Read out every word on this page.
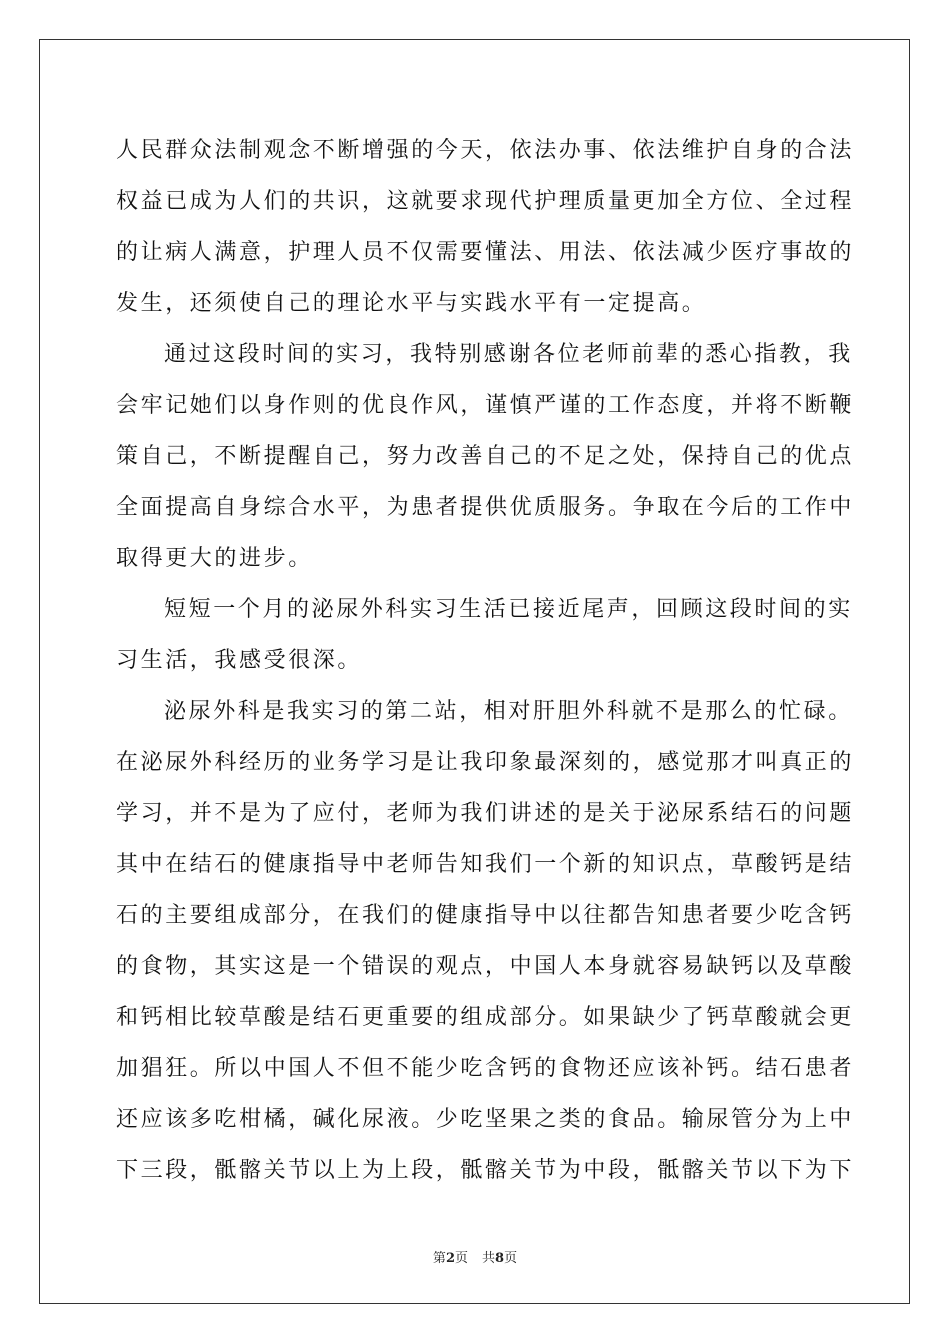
人民群众法制观念不断增强的今天，依法办事、依法维护自身的合法
权益已成为人们的共识，这就要求现代护理质量更加全方位、全过程
的让病人满意，护理人员不仅需要懂法、用法、依法减少医疗事故的
发生，还须使自己的理论水平与实践水平有一定提高。
通过这段时间的实习，我特别感谢各位老师前辈的悉心指教，我
会牢记她们以身作则的优良作风，谨慎严谨的工作态度，并将不断鞭
策自己，不断提醒自己，努力改善自己的不足之处，保持自己的优点
全面提高自身综合水平，为患者提供优质服务。争取在今后的工作中
取得更大的进步。
短短一个月的泌尿外科实习生活已接近尾声，回顾这段时间的实
习生活，我感受很深。
泌尿外科是我实习的第二站，相对肝胆外科就不是那么的忙碌。
在泌尿外科经历的业务学习是让我印象最深刻的，感觉那才叫真正的
学习，并不是为了应付，老师为我们讲述的是关于泌尿系结石的问题
其中在结石的健康指导中老师告知我们一个新的知识点，草酸钙是结
石的主要组成部分，在我们的健康指导中以往都告知患者要少吃含钙
的食物，其实这是一个错误的观点，中国人本身就容易缺钙以及草酸
和钙相比较草酸是结石更重要的组成部分。如果缺少了钙草酸就会更
加猖狂。所以中国人不但不能少吃含钙的食物还应该补钙。结石患者
还应该多吃柑橘，碱化尿液。少吃坚果之类的食品。输尿管分为上中
下三段，骶髂关节以上为上段，骶髂关节为中段，骶髂关节以下为下
第2页 共8页
